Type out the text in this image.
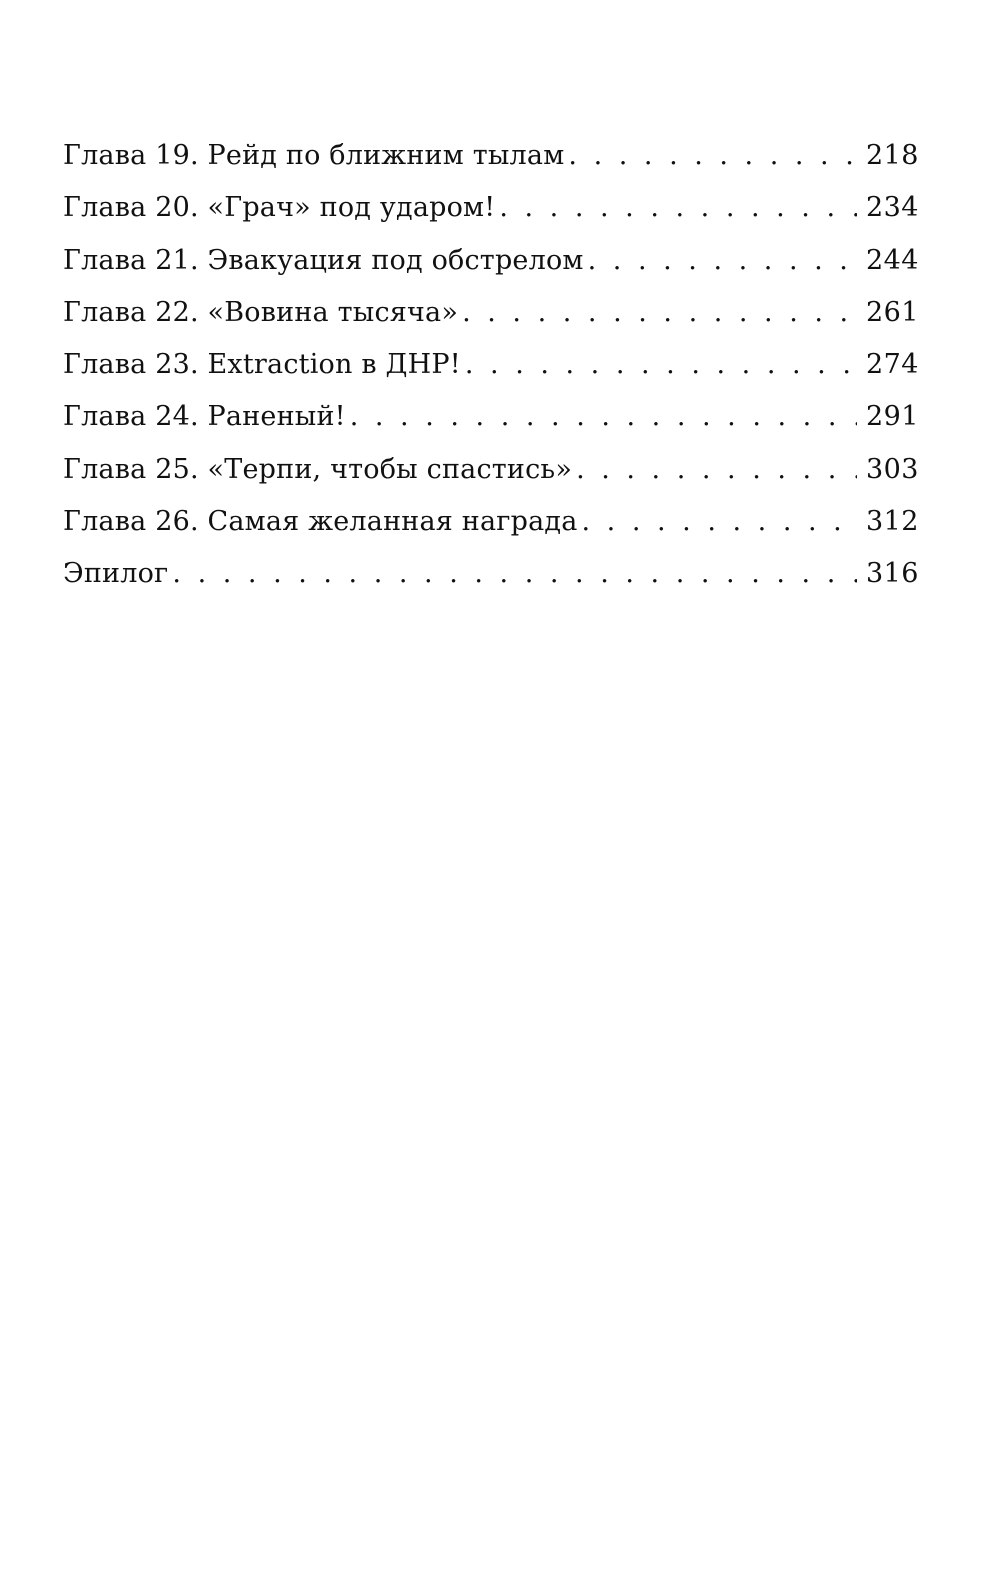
Глава 19. Рейд по ближним тылам . . .	218
Глава 20. «Грач» под ударом! . . .	234
Глава 21. Эвакуация под обстрелом . . .	244
Глава 22. «Вовина тысяча» . . .	261
Глава 23. Extraction в ДНР! . . .	274
Глава 24. Раненый! . . .	291
Глава 25. «Терпи, чтобы спастись» . . .	303
Глава 26. Самая желанная награда . . .	312
Эпилог . . .	316
